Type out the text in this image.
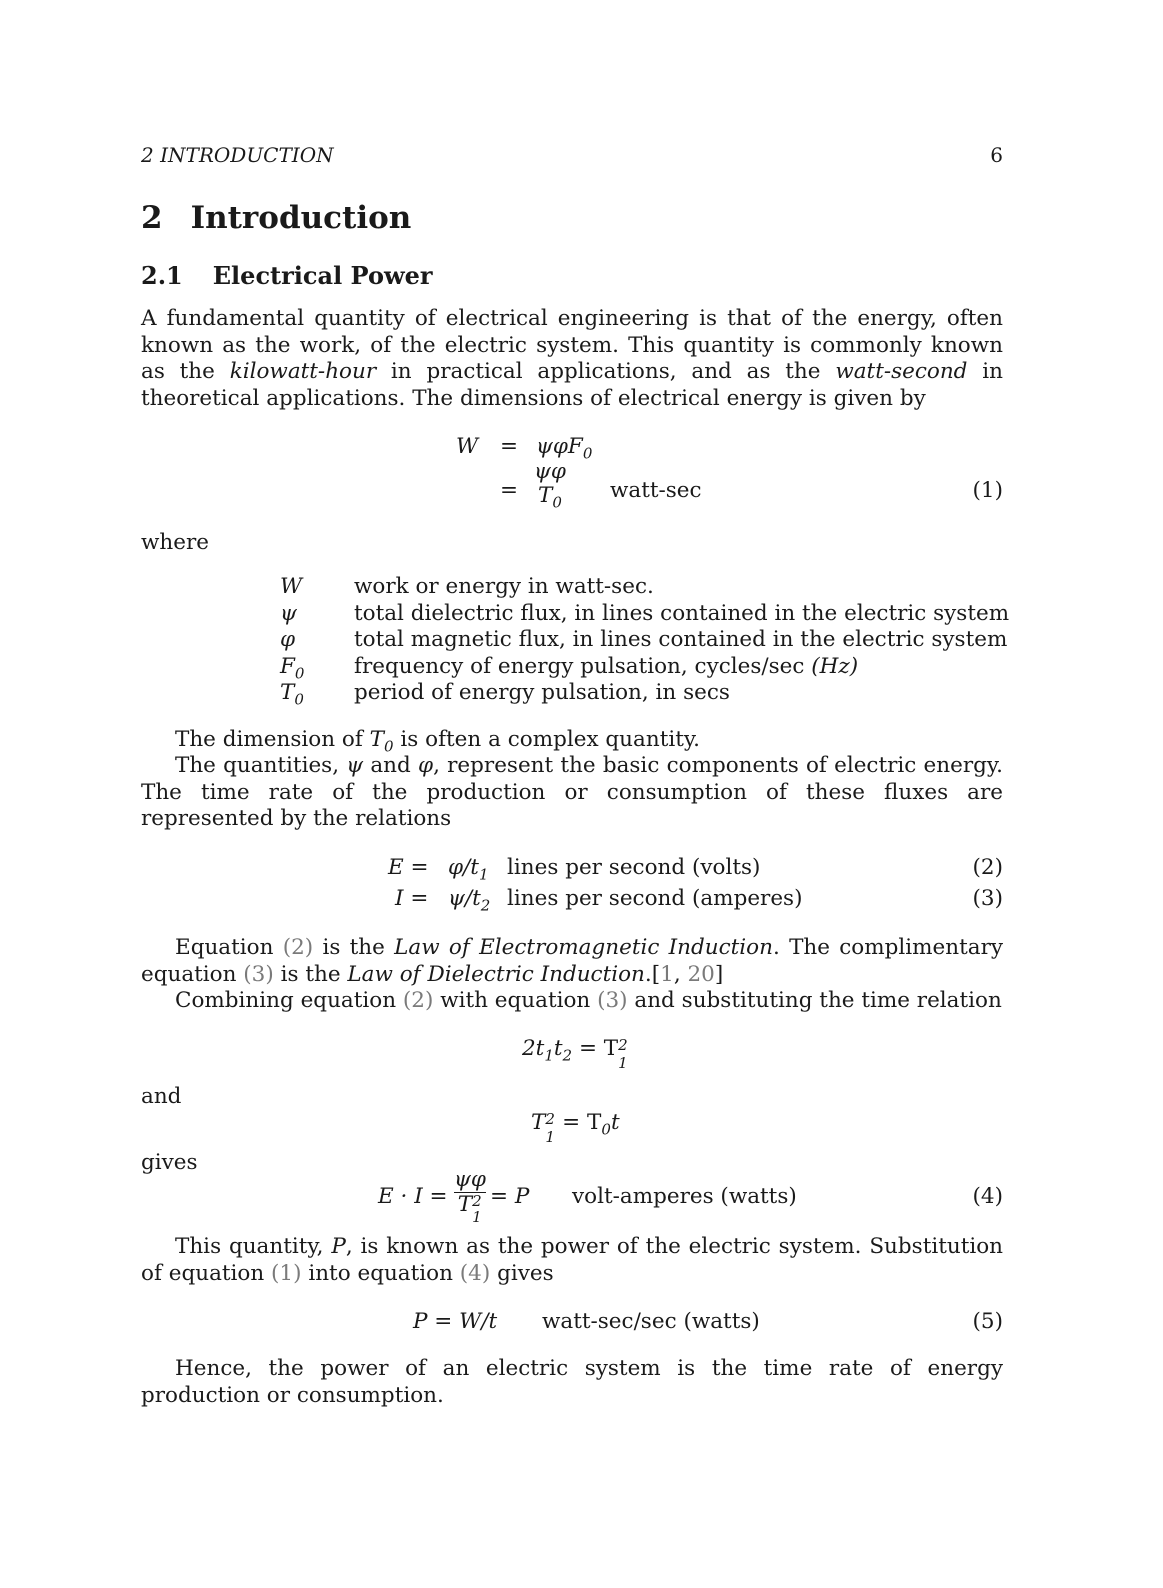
2 INTRODUCTION	6
2 Introduction
2.1 Electrical Power
A fundamental quantity of electrical engineering is that of the energy, often known as the work, of the electric system. This quantity is commonly known as the kilowatt-hour in practical applications, and as the watt-second in theoretical applications. The dimensions of electrical energy is given by
W = ψφF$_0$
=
ψφ
$T_0$ watt-sec	(1)
where
W work or energy in watt-sec.
ψ	total dielectric flux, in lines contained in the electric system
φ	total magnetic flux, in lines contained in the electric system
$F_0$ frequency of energy pulsation, cycles/sec (Hz)
$T_0$ period of energy pulsation, in secs
The dimension of $T_0$ is often a complex quantity.
The quantities, ψ and φ, represent the basic components of electric energy. The time rate of the production or consumption of these fluxes are represented by the relations
$E = \varphi/t_1$ lines per second (volts)	(2)
$I = \psi/t_2$ lines per second (amperes)	(3)
Equation (2) is the Law of Electromagnetic Induction. The complimentary equation (3) is the Law of Dielectric Induction.[1, 20]
Combining equation (2) with equation (3) and substituting the time relation
$2t_1t_2 = T$ 2
1
and
T 2
1
= $T_0t$
gives
E · I = ψφ
T 2
1 = P volt-amperes (watts)	(4)
This quantity, P, is known as the power of the electric system. Substitution of equation (1) into equation (4) gives
P = W/t watt-sec/sec (watts)	(5)
Hence, the power of an electric system is the time rate of energy production or consumption.
